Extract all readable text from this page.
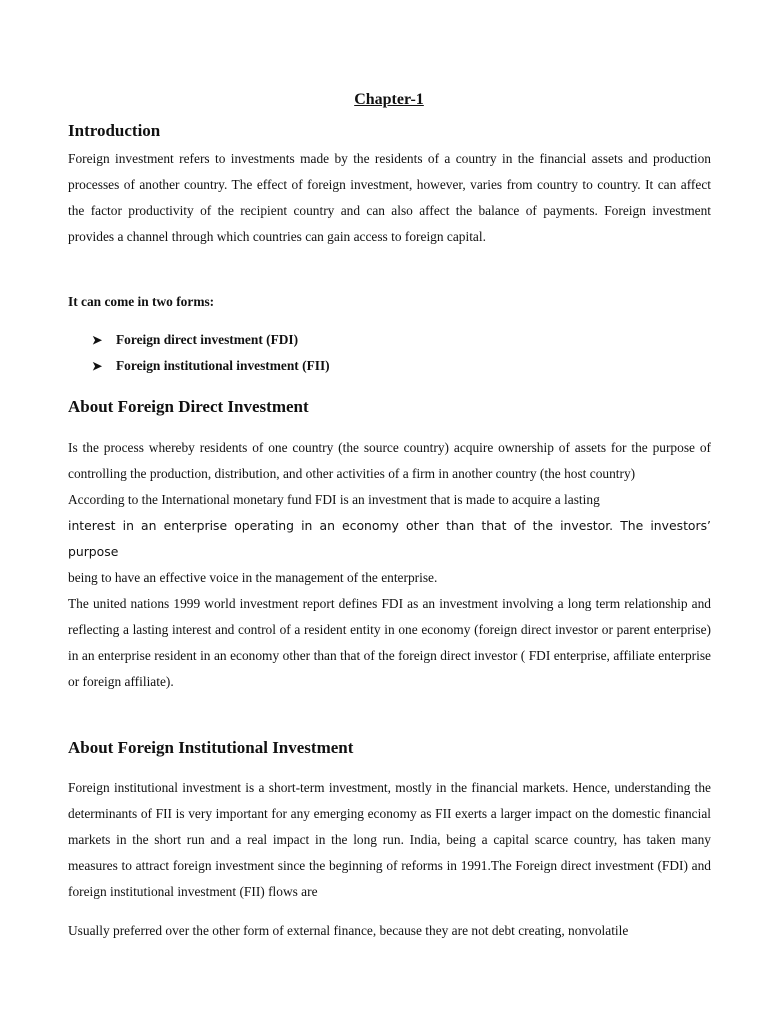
Chapter-1
Introduction

Foreign investment refers to investments made by the residents of a country in the financial assets and production processes of another country. The effect of foreign investment, however, varies from country to country. It can affect the factor productivity of the recipient country and can also affect the balance of payments. Foreign investment provides a channel through which countries can gain access to foreign capital.

It can come in two forms:

➤	Foreign direct investment (FDI)
➤	Foreign institutional investment (FII)
About Foreign Direct Investment

Is the process whereby residents of one country (the source country) acquire ownership of assets for the purpose of controlling the production, distribution, and other activities of a firm in another country (the host country)

According to the International monetary fund FDI is an investment that is made to acquire a lasting

interest in an enterprise operating in an economy other than that of the investor. The investors’ purpose

being to have an effective voice in the management of the enterprise.

The united nations 1999 world investment report defines FDI as an investment involving a long term relationship and reflecting a lasting interest and control of a resident entity in one economy (foreign direct investor or parent enterprise) in an enterprise resident in an economy other than that of the foreign direct investor ( FDI enterprise, affiliate enterprise or foreign affiliate).

About Foreign Institutional Investment

Foreign institutional investment is a short-term investment, mostly in the financial markets. Hence, understanding the determinants of FII is very important for any emerging economy as FII exerts a larger impact on the domestic financial markets in the short run and a real impact in the long run. India, being a capital scarce country, has taken many measures to attract foreign investment since the beginning of reforms in 1991.The Foreign direct investment (FDI) and foreign institutional investment (FII) flows are

Usually preferred over the other form of external finance, because they are not debt creating, nonvolatile
